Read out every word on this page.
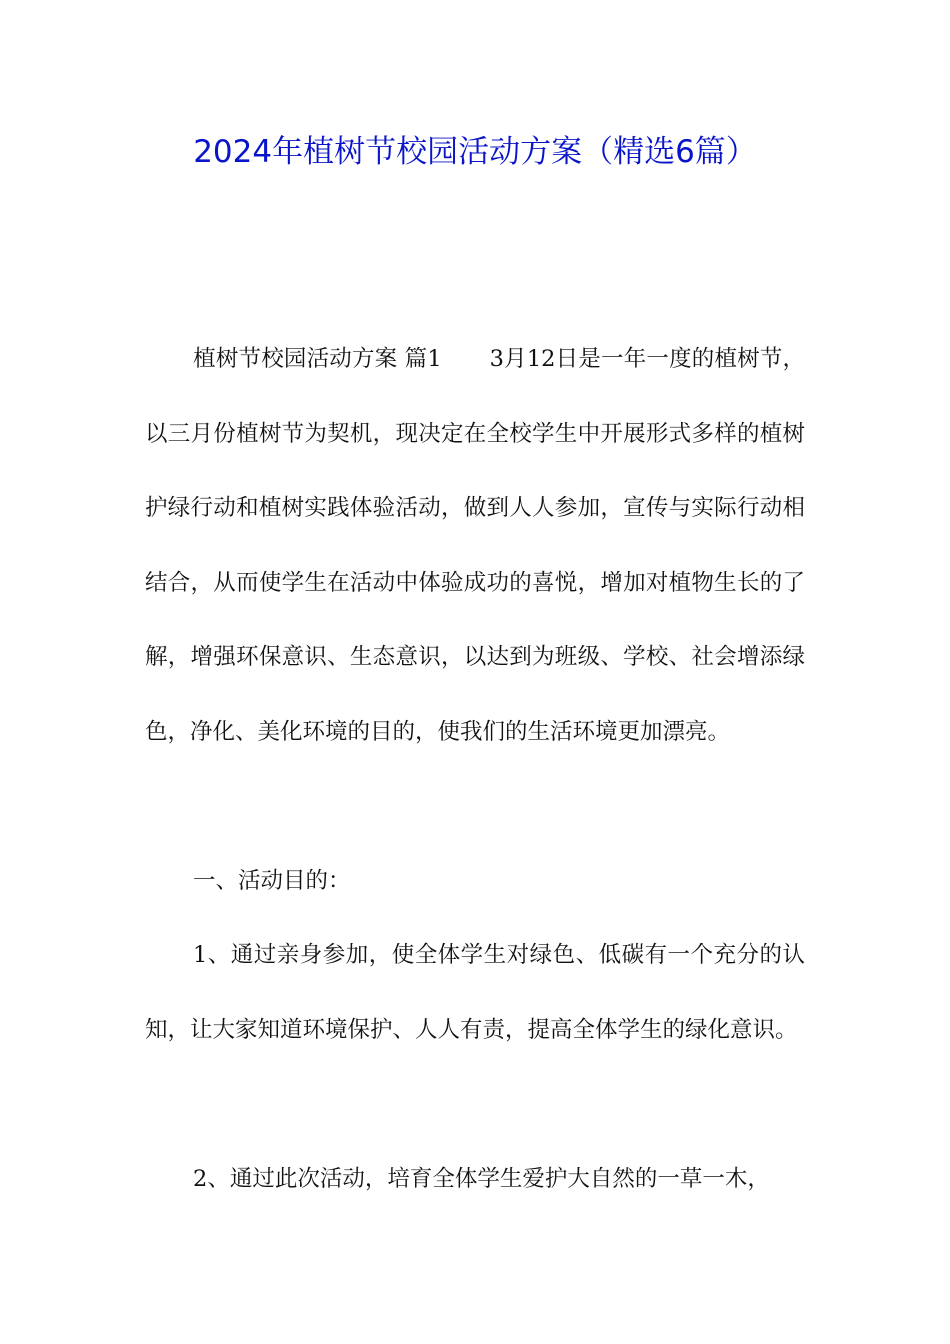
2024年植树节校园活动方案（精选6篇）

植树节校园活动方案 篇1 3月12日是一年一度的植树节，以三月份植树节为契机，现决定在全校学生中开展形式多样的植树护绿行动和植树实践体验活动，做到人人参加，宣传与实际行动相结合，从而使学生在活动中体验成功的喜悦，增加对植物生长的了解，增强环保意识、生态意识，以达到为班级、学校、社会增添绿色，净化、美化环境的目的，使我们的生活环境更加漂亮。

一、活动目的：

1、通过亲身参加，使全体学生对绿色、低碳有一个充分的认知，让大家知道环境保护、人人有责，提高全体学生的绿化意识。

2、通过此次活动，培育全体学生爱护大自然的一草一木，
